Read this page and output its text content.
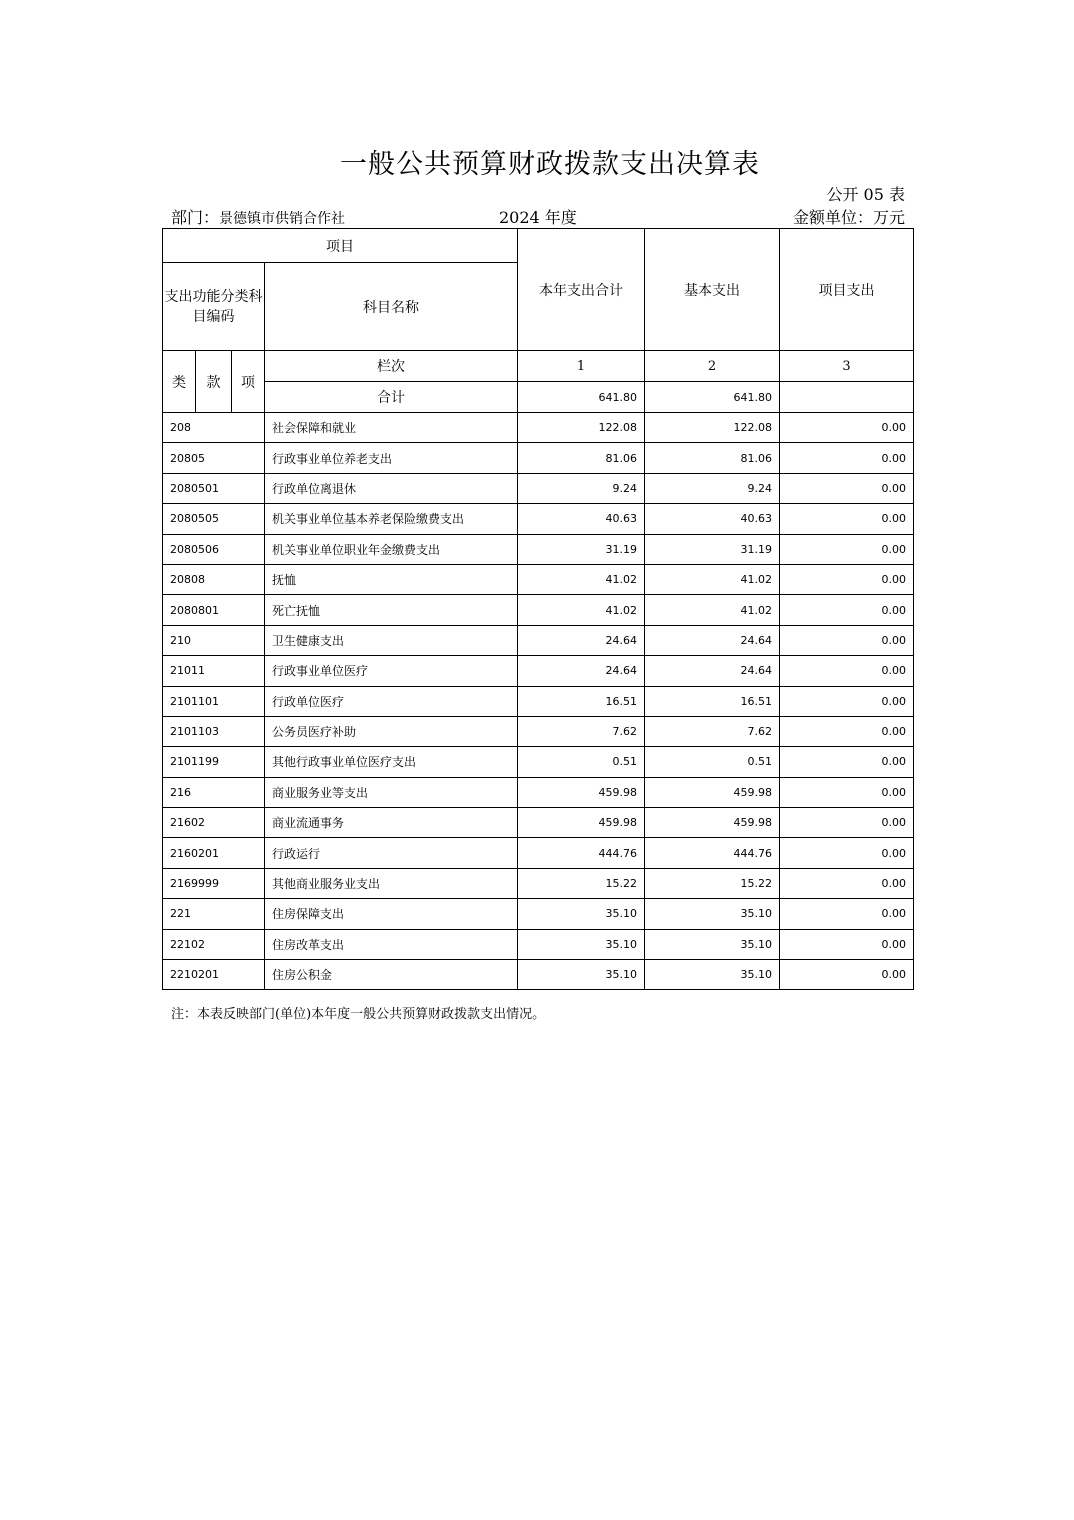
一般公共预算财政拨款支出决算表
公开 05 表
部门：景德镇市供销合作社	2024 年度	金额单位：万元
项目				本年支出合计	基本支出	项目支出
支出功能分类科目编码			科目名称			
类	款	项	栏次	1	2	3
			合计	641.80	641.80	
208			社会保障和就业	122.08	122.08	0.00
20805			行政事业单位养老支出	81.06	81.06	0.00
2080501			行政单位离退休	9.24	9.24	0.00
2080505			机关事业单位基本养老保险缴费支出	40.63	40.63	0.00
2080506			机关事业单位职业年金缴费支出	31.19	31.19	0.00
20808			抚恤	41.02	41.02	0.00
2080801			死亡抚恤	41.02	41.02	0.00
210			卫生健康支出	24.64	24.64	0.00
21011			行政事业单位医疗	24.64	24.64	0.00
2101101			行政单位医疗	16.51	16.51	0.00
2101103			公务员医疗补助	7.62	7.62	0.00
2101199			其他行政事业单位医疗支出	0.51	0.51	0.00
216			商业服务业等支出	459.98	459.98	0.00
21602			商业流通事务	459.98	459.98	0.00
2160201			行政运行	444.76	444.76	0.00
2169999			其他商业服务业支出	15.22	15.22	0.00
221			住房保障支出	35.10	35.10	0.00
22102			住房改革支出	35.10	35.10	0.00
2210201			住房公积金	35.10	35.10	0.00
注：本表反映部门(单位)本年度一般公共预算财政拨款支出情况。
